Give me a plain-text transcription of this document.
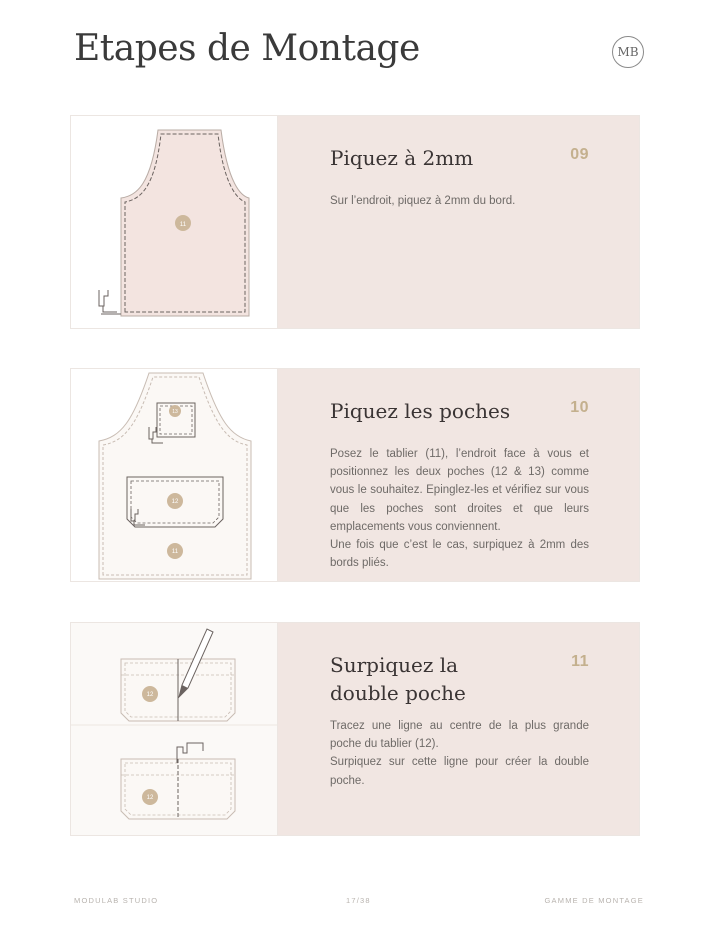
Etapes de Montage	MB
11
Piquez à 2mm	09

Sur l’endroit, piquez à 2mm du bord.

13
12
11
Piquez les poches	10

Posez le tablier (11), l’endroit face à vous et positionnez les deux poches (12 & 13) comme vous le souhaitez. Epinglez-les et vérifiez sur vous que les poches sont droites et que leurs emplacements vous conviennent.
Une fois que c’est le cas, surpiquez à 2mm des bords pliés.

12
12
Surpiquez la double poche
11

Tracez une ligne au centre de la plus grande poche du tablier (12).
Surpiquez sur cette ligne pour créer la double poche.

MODULAB STUDIO	17/38	GAMME DE MONTAGE
